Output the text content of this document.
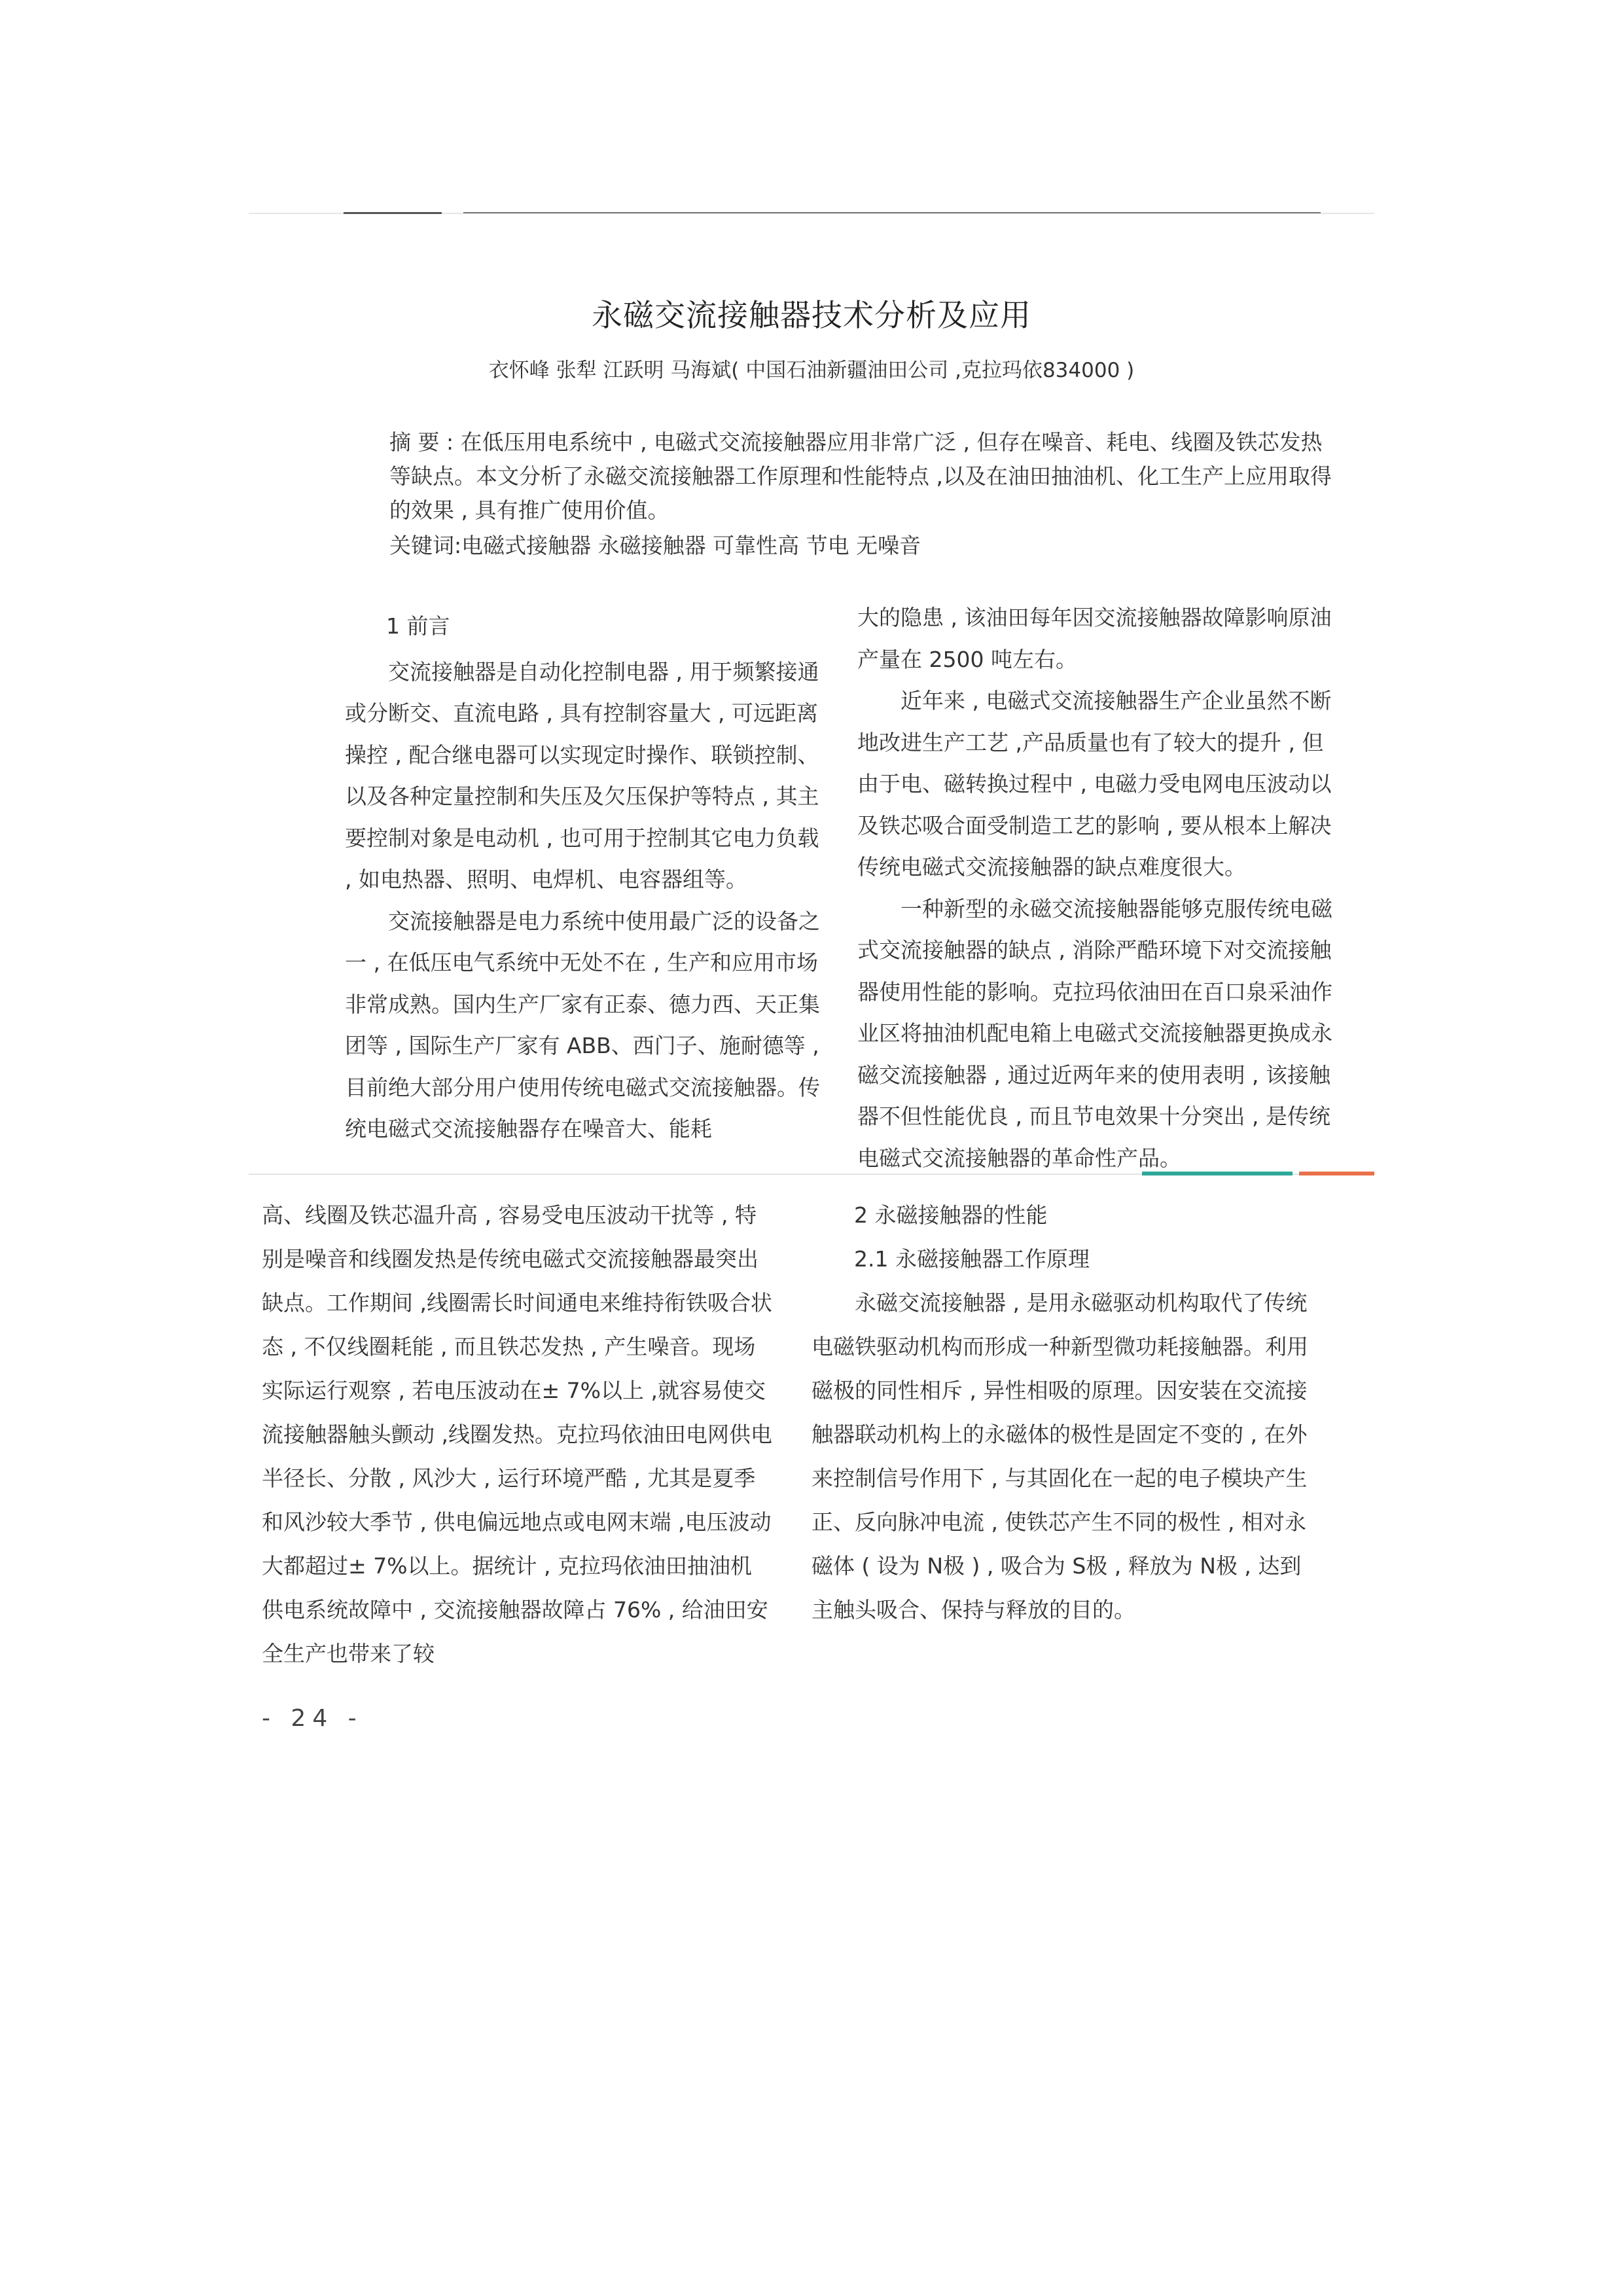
永磁交流接触器技术分析及应用
衣怀峰 张犁 江跃明 马海斌( 中国石油新疆油田公司 ,克拉玛依834000 )

摘 要 : 在低压用电系统中 , 电磁式交流接触器应用非常广泛 , 但存在噪音、耗电、线圈及铁芯发热等缺点。本文分析了永磁交流接触器工作原理和性能特点 ,以及在油田抽油机、化工生产上应用取得的效果 , 具有推广使用价值。

关键词:电磁式接触器 永磁接触器 可靠性高 节电 无噪音

1 前言

交流接触器是自动化控制电器 , 用于频繁接通或分断交、直流电路 , 具有控制容量大 , 可远距离操控 , 配合继电器可以实现定时操作、联锁控制、以及各种定量控制和失压及欠压保护等特点 , 其主要控制对象是电动机 , 也可用于控制其它电力负载 , 如电热器、照明、电焊机、电容器组等。

交流接触器是电力系统中使用最广泛的设备之一 , 在低压电气系统中无处不在 , 生产和应用市场非常成熟。国内生产厂家有正泰、德力西、天正集团等 , 国际生产厂家有 ABB、西门子、施耐德等 , 目前绝大部分用户使用传统电磁式交流接触器。传统电磁式交流接触器存在噪音大、能耗

大的隐患 , 该油田每年因交流接触器故障影响原油产量在 2500 吨左右。

近年来 , 电磁式交流接触器生产企业虽然不断地改进生产工艺 ,产品质量也有了较大的提升 , 但由于电、磁转换过程中 , 电磁力受电网电压波动以及铁芯吸合面受制造工艺的影响 , 要从根本上解决传统电磁式交流接触器的缺点难度很大。

一种新型的永磁交流接触器能够克服传统电磁式交流接触器的缺点 , 消除严酷环境下对交流接触器使用性能的影响。克拉玛依油田在百口泉采油作业区将抽油机配电箱上电磁式交流接触器更换成永磁交流接触器 , 通过近两年来的使用表明 , 该接触器不但性能优良 , 而且节电效果十分突出 , 是传统电磁式交流接触器的革命性产品。

高、线圈及铁芯温升高 , 容易受电压波动干扰等 , 特别是噪音和线圈发热是传统电磁式交流接触器最突出缺点。工作期间 ,线圈需长时间通电来维持衔铁吸合状态 , 不仅线圈耗能 , 而且铁芯发热 , 产生噪音。现场实际运行观察 , 若电压波动在± 7%以上 ,就容易使交流接触器触头颤动 ,线圈发热。克拉玛依油田电网供电半径长、分散 , 风沙大 , 运行环境严酷 , 尤其是夏季和风沙较大季节 , 供电偏远地点或电网末端 ,电压波动大都超过± 7%以上。据统计 , 克拉玛依油田抽油机供电系统故障中 , 交流接触器故障占 76% , 给油田安全生产也带来了较

2 永磁接触器的性能

2.1 永磁接触器工作原理

永磁交流接触器 , 是用永磁驱动机构取代了传统电磁铁驱动机构而形成一种新型微功耗接触器。利用磁极的同性相斥 , 异性相吸的原理。因安装在交流接触器联动机构上的永磁体的极性是固定不变的 , 在外来控制信号作用下 , 与其固化在一起的电子模块产生正、反向脉冲电流 , 使铁芯产生不同的极性 , 相对永磁体 ( 设为 N极 ) , 吸合为 S极 , 释放为 N极 , 达到主触头吸合、保持与释放的目的。

- 24 -
